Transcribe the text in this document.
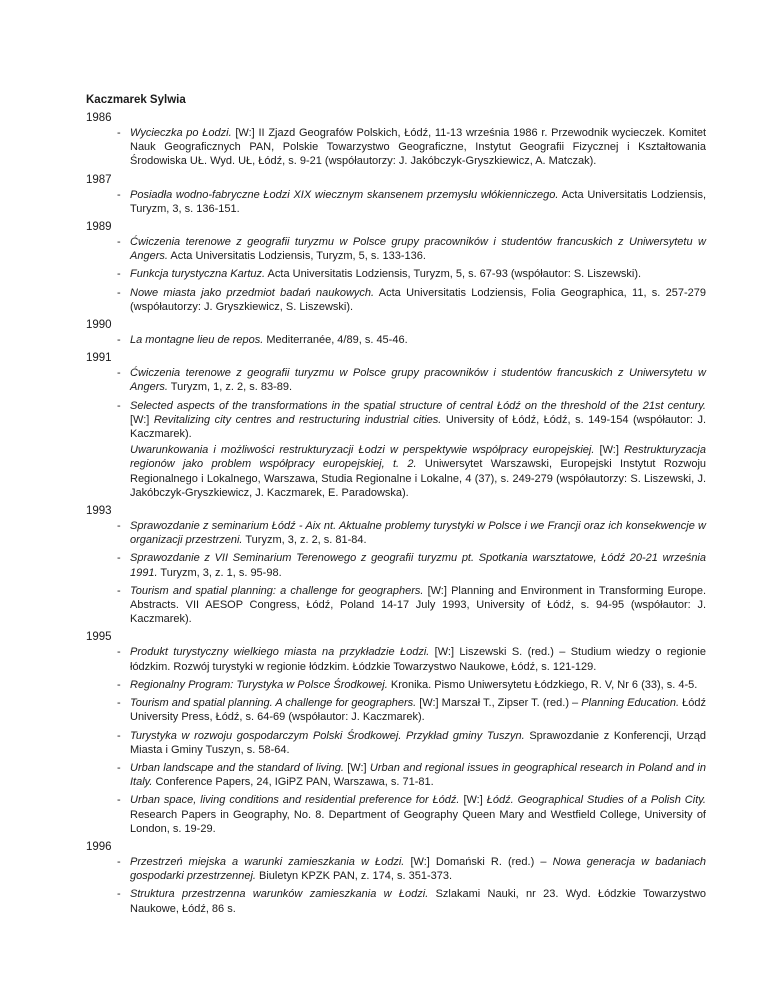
Kaczmarek Sylwia
1986
- Wycieczka po Łodzi. [W:] II Zjazd Geografów Polskich, Łódź, 11-13 września 1986 r. Przewodnik wycieczek. Komitet Nauk Geograficznych PAN, Polskie Towarzystwo Geograficzne, Instytut Geografii Fizycznej i Kształtowania Środowiska UŁ. Wyd. UŁ, Łódź, s. 9-21 (współautorzy: J. Jakóbczyk-Gryszkiewicz, A. Matczak).
1987
- Posiadła wodno-fabryczne Łodzi XIX wiecznym skansenem przemysłu włókienniczego. Acta Universitatis Lodziensis, Turyzm, 3, s. 136-151.
1989
- Ćwiczenia terenowe z geografii turyzmu w Polsce grupy pracowników i studentów francuskich z Uniwersytetu w Angers. Acta Universitatis Lodziensis, Turyzm, 5, s. 133-136.
- Funkcja turystyczna Kartuz. Acta Universitatis Lodziensis, Turyzm, 5, s. 67-93 (współautor: S. Liszewski).
- Nowe miasta jako przedmiot badań naukowych. Acta Universitatis Lodziensis, Folia Geographica, 11, s. 257-279 (współautorzy: J. Gryszkiewicz, S. Liszewski).
1990
- La montagne lieu de repos. Mediterranée, 4/89, s. 45-46.
1991
- Ćwiczenia terenowe z geografii turyzmu w Polsce grupy pracowników i studentów francuskich z Uniwersytetu w Angers. Turyzm, 1, z. 2, s. 83-89.
- Selected aspects of the transformations in the spatial structure of central Łódź on the threshold of the 21st century. [W:] Revitalizing city centres and restructuring industrial cities. University of Łódź, Łódź, s. 149-154 (współautor: J. Kaczmarek).
Uwarunkowania i możliwości restrukturyzacji Łodzi w perspektywie współpracy europejskiej. [W:] Restrukturyzacja regionów jako problem współpracy europejskiej, t. 2. Uniwersytet Warszawski, Europejski Instytut Rozwoju Regionalnego i Lokalnego, Warszawa, Studia Regionalne i Lokalne, 4 (37), s. 249-279 (współautorzy: S. Liszewski, J. Jakóbczyk-Gryszkiewicz, J. Kaczmarek, E. Paradowska).
1993
- Sprawozdanie z seminarium Łódź - Aix nt. Aktualne problemy turystyki w Polsce i we Francji oraz ich konsekwencje w organizacji przestrzeni. Turyzm, 3, z. 2, s. 81-84.
- Sprawozdanie z VII Seminarium Terenowego z geografii turyzmu pt. Spotkania warsztatowe, Łódź 20-21 września 1991. Turyzm, 3, z. 1, s. 95-98.
- Tourism and spatial planning: a challenge for geographers. [W:] Planning and Environment in Transforming Europe. Abstracts. VII AESOP Congress, Łódź, Poland 14-17 July 1993, University of Łódź, s. 94-95 (współautor: J. Kaczmarek).
1995
- Produkt turystyczny wielkiego miasta na przykładzie Łodzi. [W:] Liszewski S. (red.) – Studium wiedzy o regionie łódzkim. Rozwój turystyki w regionie łódzkim. Łódzkie Towarzystwo Naukowe, Łódź, s. 121-129.
- Regionalny Program: Turystyka w Polsce Środkowej. Kronika. Pismo Uniwersytetu Łódzkiego, R. V, Nr 6 (33), s. 4-5.
- Tourism and spatial planning. A challenge for geographers. [W:] Marszał T., Zipser T. (red.) – Planning Education. Łódź University Press, Łódź, s. 64-69 (współautor: J. Kaczmarek).
- Turystyka w rozwoju gospodarczym Polski Środkowej. Przykład gminy Tuszyn. Sprawozdanie z Konferencji, Urząd Miasta i Gminy Tuszyn, s. 58-64.
- Urban landscape and the standard of living. [W:] Urban and regional issues in geographical research in Poland and in Italy. Conference Papers, 24, IGiPZ PAN, Warszawa, s. 71-81.
- Urban space, living conditions and residential preference for Łódź. [W:] Łódź. Geographical Studies of a Polish City. Research Papers in Geography, No. 8. Department of Geography Queen Mary and Westfield College, University of London, s. 19-29.
1996
- Przestrzeń miejska a warunki zamieszkania w Łodzi. [W:] Domański R. (red.) – Nowa generacja w badaniach gospodarki przestrzennej. Biuletyn KPZK PAN, z. 174, s. 351-373.
- Struktura przestrzenna warunków zamieszkania w Łodzi. Szlakami Nauki, nr 23. Wyd. Łódzkie Towarzystwo Naukowe, Łódź, 86 s.
